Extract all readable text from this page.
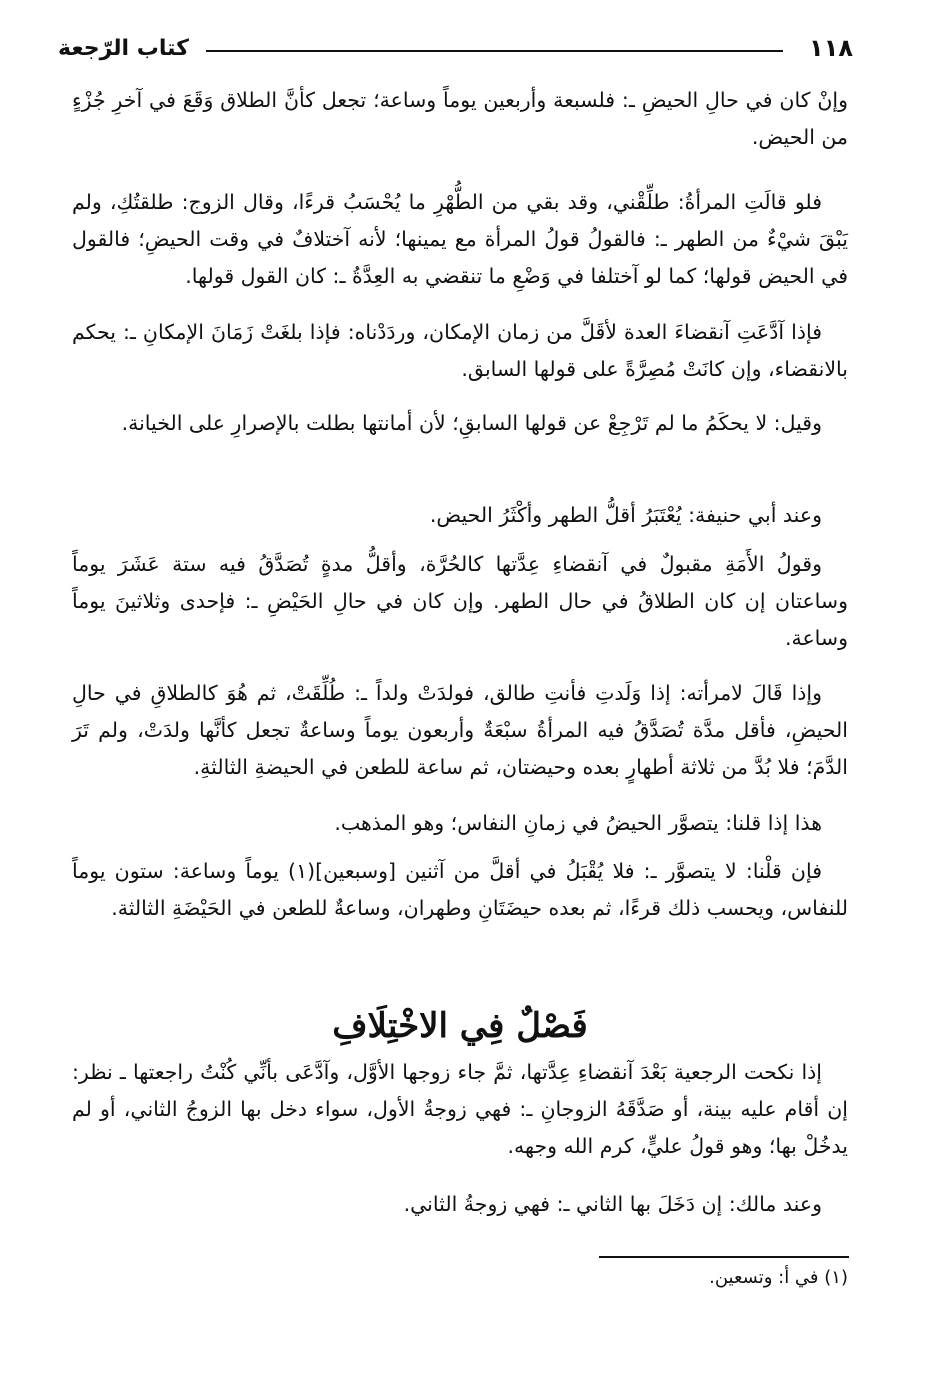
١١٨
كتاب الرّجعة

وإنْ كان في حالِ الحيضِ ـ: فلسبعة وأربعين يوماً وساعة؛ تجعل كأنَّ الطلاق وَقَعَ في آخرِ جُزْءٍ من الحيض.

فلو قالَتِ المرأةُ: طلِّقْني، وقد بقي من الطُّهْرِ ما يُحْسَبُ قرءًا، وقال الزوج: طلقتُكِ، ولم يَبْقَ شيْءٌ من الطهر ـ: فالقولُ قولُ المرأة مع يمينها؛ لأنه آختلافٌ في وقت الحيضِ؛ فالقول في الحيض قولها؛ كما لو آختلفا في وَضْعِ ما تنقضي به العِدَّةُ ـ: كان القول قولها.

فإذا آدَّعَتِ آنقضاءَ العدة لأقَلَّ من زمان الإمكان، وردَدْناه: فإذا بلغَتْ زَمَانَ الإمكانِ ـ: يحكم بالانقضاء، وإن كانَتْ مُصِرَّةً على قولها السابق.

وقيل: لا يحكَمُ ما لم تَرْجِعْ عن قولها السابقِ؛ لأن أمانتها بطلت بالإصرارِ على الخيانة.

وعند أبي حنيفة: يُعْتَبَرُ أقلُّ الطهر وأكْثَرُ الحيض.

وقولُ الأَمَةِ مقبولٌ في آنقضاءِ عِدَّتها كالحُرَّة، وأقلُّ مدةٍ تُصَدَّقُ فيه ستة عَشَرَ يوماً وساعتان إن كان الطلاقُ في حال الطهر. وإن كان في حالِ الحَيْضِ ـ: فإحدى وثلاثينَ يوماً وساعة.

وإذا قَالَ لامرأته: إذا وَلَدتِ فأنتِ طالق، فولدَتْ ولداً ـ: طُلِّقَتْ، ثم هُوَ كالطلاقِ في حالِ الحيضِ، فأقل مدَّة تُصَدَّقُ فيه المرأةُ سبْعَةٌ وأربعون يوماً وساعةٌ تجعل كأنَّها ولدَتْ، ولم تَرَ الدَّمَ؛ فلا بُدَّ من ثلاثة أطهارٍ بعده وحيضتان، ثم ساعة للطعن في الحيضةِ الثالثةِ.

هذا إذا قلنا: يتصوَّر الحيضُ في زمانِ النفاس؛ وهو المذهب.

فإن قلْنا: لا يتصوَّر ـ: فلا يُقْبَلُ في أقلَّ من آثنين [وسبعين](١) يوماً وساعة: ستون يوماً للنفاس، ويحسب ذلك قرءًا، ثم بعده حيضَتَانِ وطهران، وساعةٌ للطعن في الحَيْضَةِ الثالثة.

فَصْلٌ فِي الاخْتِلَافِ

إذا نكحت الرجعية بَعْدَ آنقضاءِ عِدَّتها، ثمَّ جاء زوجها الأوَّل، وآدَّعَى بأنِّي كُنْتُ راجعتها ـ نظر: إن أقام عليه بينة، أو صَدَّقَهُ الزوجانِ ـ: فهي زوجةُ الأول، سواء دخل بها الزوجُ الثاني، أو لم يدخُلْ بها؛ وهو قولُ عليٍّ، كرم الله وجهه.

وعند مالك: إن دَخَلَ بها الثاني ـ: فهي زوجةُ الثاني.

(١) في أ: وتسعين.
